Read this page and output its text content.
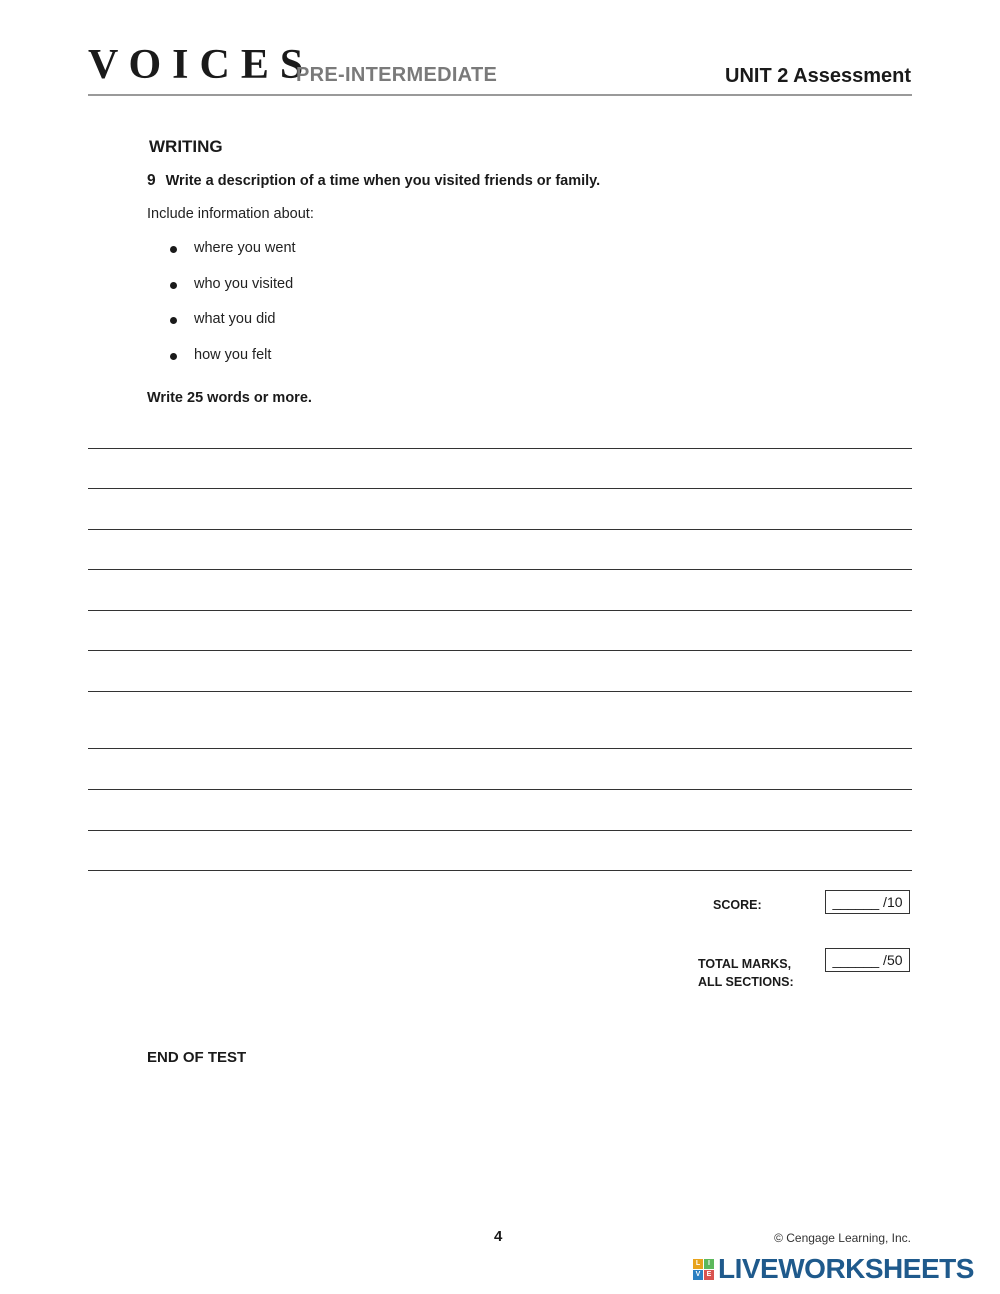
VOICES
PRE-INTERMEDIATE	UNIT 2 Assessment
WRITING
9 Write a description of a time when you visited friends or family.
Include information about:
where you went
who you visited
what you did
how you felt
Write 25 words or more.
SCORE:	______ /10
TOTAL MARKS, ALL SECTIONS:
______ /50
END OF TEST
4	© Cengage Learning, Inc.
L	I
V E LIVEWORKSHEETS
